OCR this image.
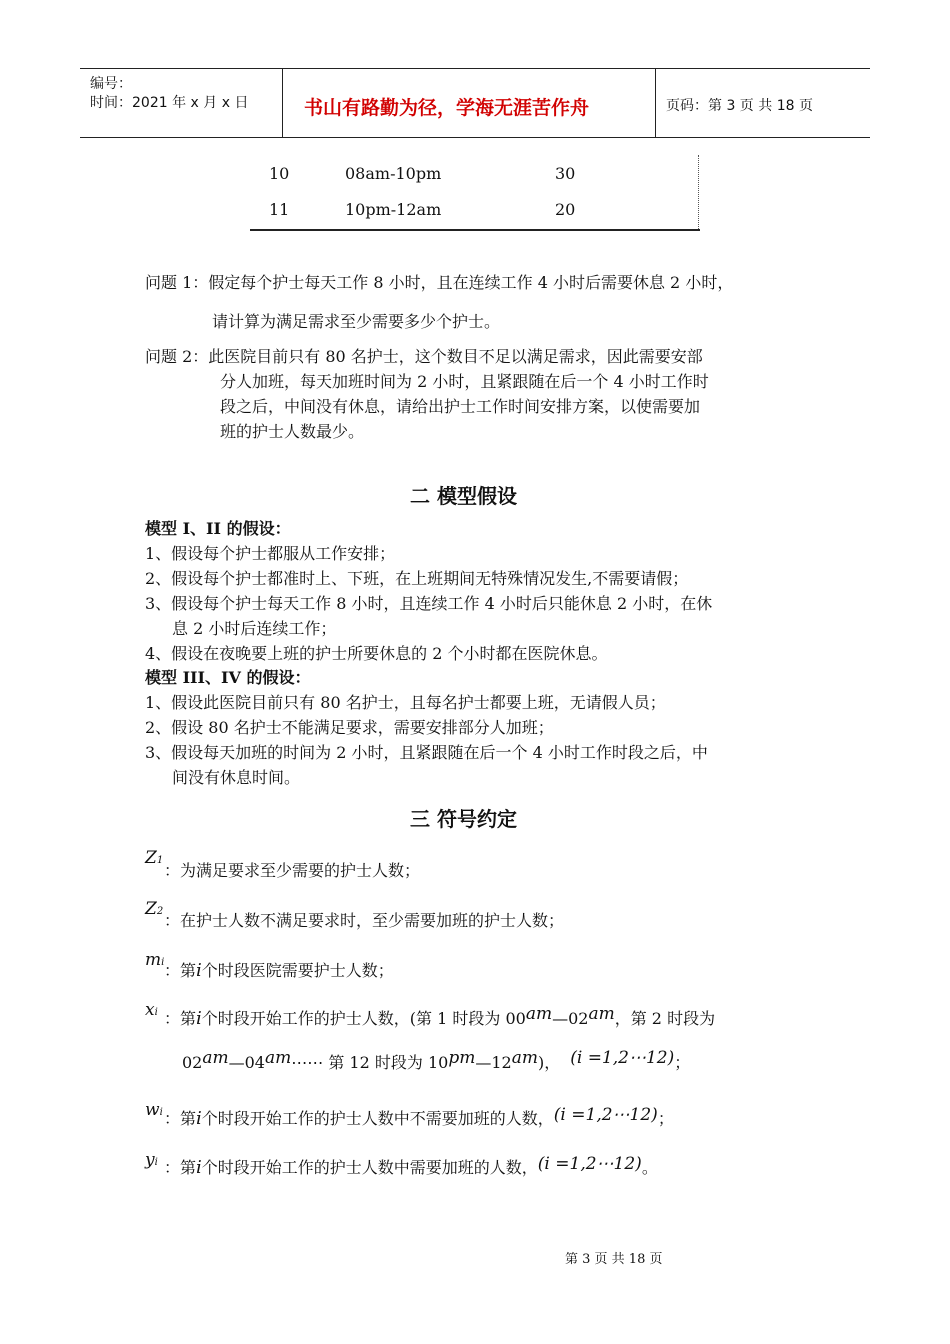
编号：
时间：2021 年 x 月 x 日	书山有路勤为径，学海无涯苦作舟	页码：第 3 页 共 18 页
10	08am-10pm	30
11	10pm-12am	20
问题 1：假定每个护士每天工作 8 小时，且在连续工作 4 小时后需要休息 2 小时，
请计算为满足需求至少需要多少个护士。
问题 2：此医院目前只有 80 名护士，这个数目不足以满足需求，因此需要安部
分人加班，每天加班时间为 2 小时，且紧跟随在后一个 4 小时工作时
段之后，中间没有休息，请给出护士工作时间安排方案，以使需要加
班的护士人数最少。
二 模型假设
模型 I、II 的假设：
1、假设每个护士都服从工作安排；
2、假设每个护士都准时上、下班，在上班期间无特殊情况发生,不需要请假；
3、假设每个护士每天工作 8 小时，且连续工作 4 小时后只能休息 2 小时，在休
息 2 小时后连续工作；
4、假设在夜晚要上班的护士所要休息的 2 个小时都在医院休息。
模型 III、IV 的假设：
1、假设此医院目前只有 80 名护士，且每名护士都要上班，无请假人员；
2、假设 80 名护士不能满足要求，需要安排部分人加班；
3、假设每天加班的时间为 2 小时，且紧跟随在后一个 4 小时工作时段之后，中
间没有休息时间。
三 符号约定
Z1
：为满足要求至少需要的护士人数；
Z2 ：在护士人数不满足要求时，至少需要加班的护士人数；
mi ：第i个时段医院需要护士人数；
xi ：第i个时段开始工作的护士人数，(第 1 时段为 00am—02am，第 2 时段为
02am—04am⋯⋯ 第 12 时段为 10pm—12am)， (i =1,2⋯12)；
wi ：第i个时段开始工作的护士人数中不需要加班的人数，(i =1,2⋯12)；
yi ：第i个时段开始工作的护士人数中需要加班的人数，(i =1,2⋯12)。
第 3 页 共 18 页
